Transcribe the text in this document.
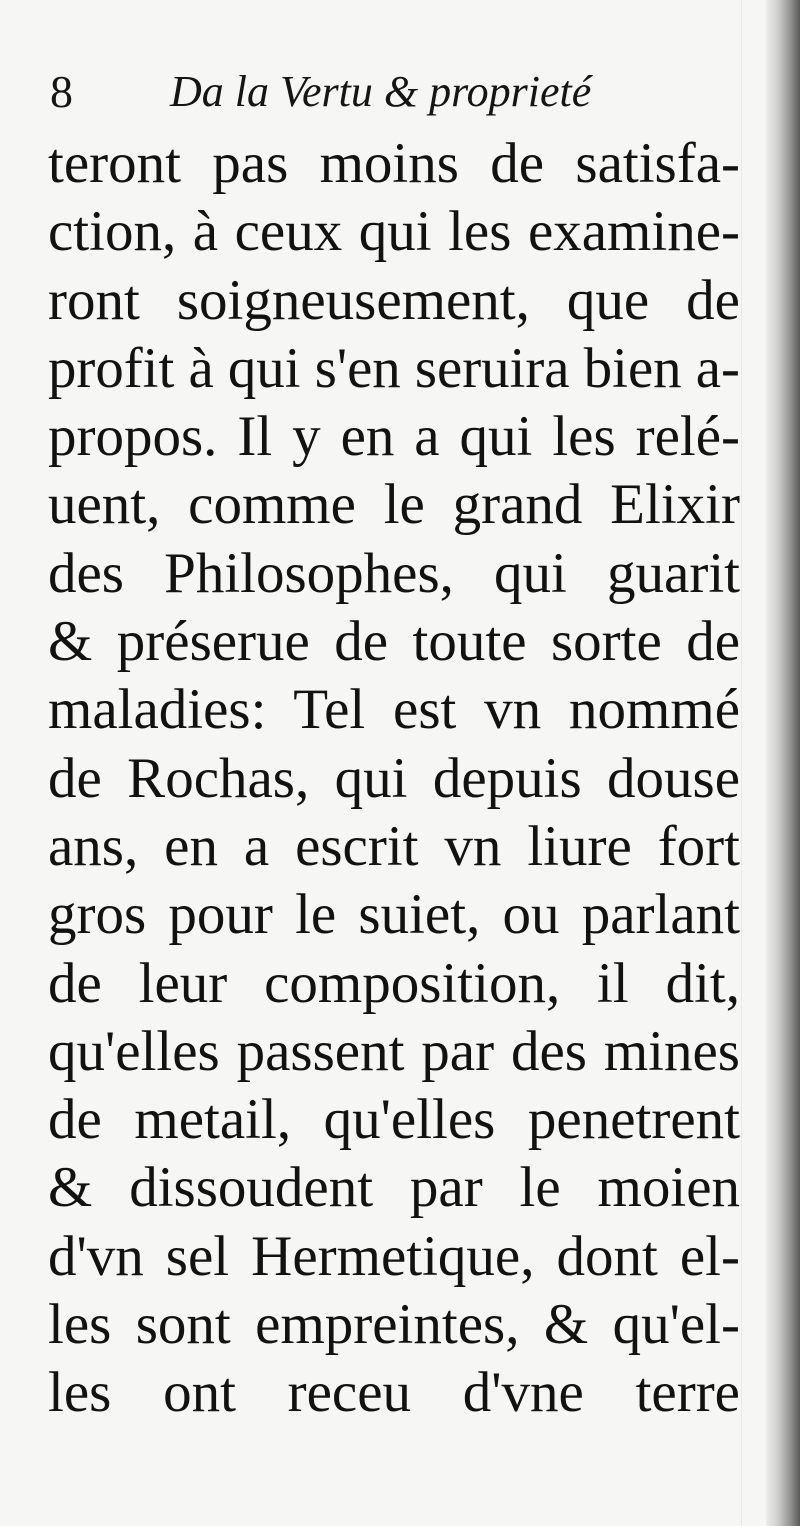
8 Da la Vertu & proprieté
teront pas moins de satisfa-
ction, à ceux qui les examine-
ront soigneusement, que de
profit à qui s'en seruira bien a-
propos. Il y en a qui les relé-
uent, comme le grand Elixir
des Philosophes, qui guarit
& préserue de toute sorte de
maladies: Tel est vn nommé
de Rochas, qui depuis douse
ans, en a escrit vn liure fort
gros pour le suiet, ou parlant
de leur composition, il dit,
qu'elles passent par des mines
de metail, qu'elles penetrent
& dissoudent par le moien
d'vn sel Hermetique, dont el-
les sont empreintes, & qu'el-
les ont receu d'vne terre
